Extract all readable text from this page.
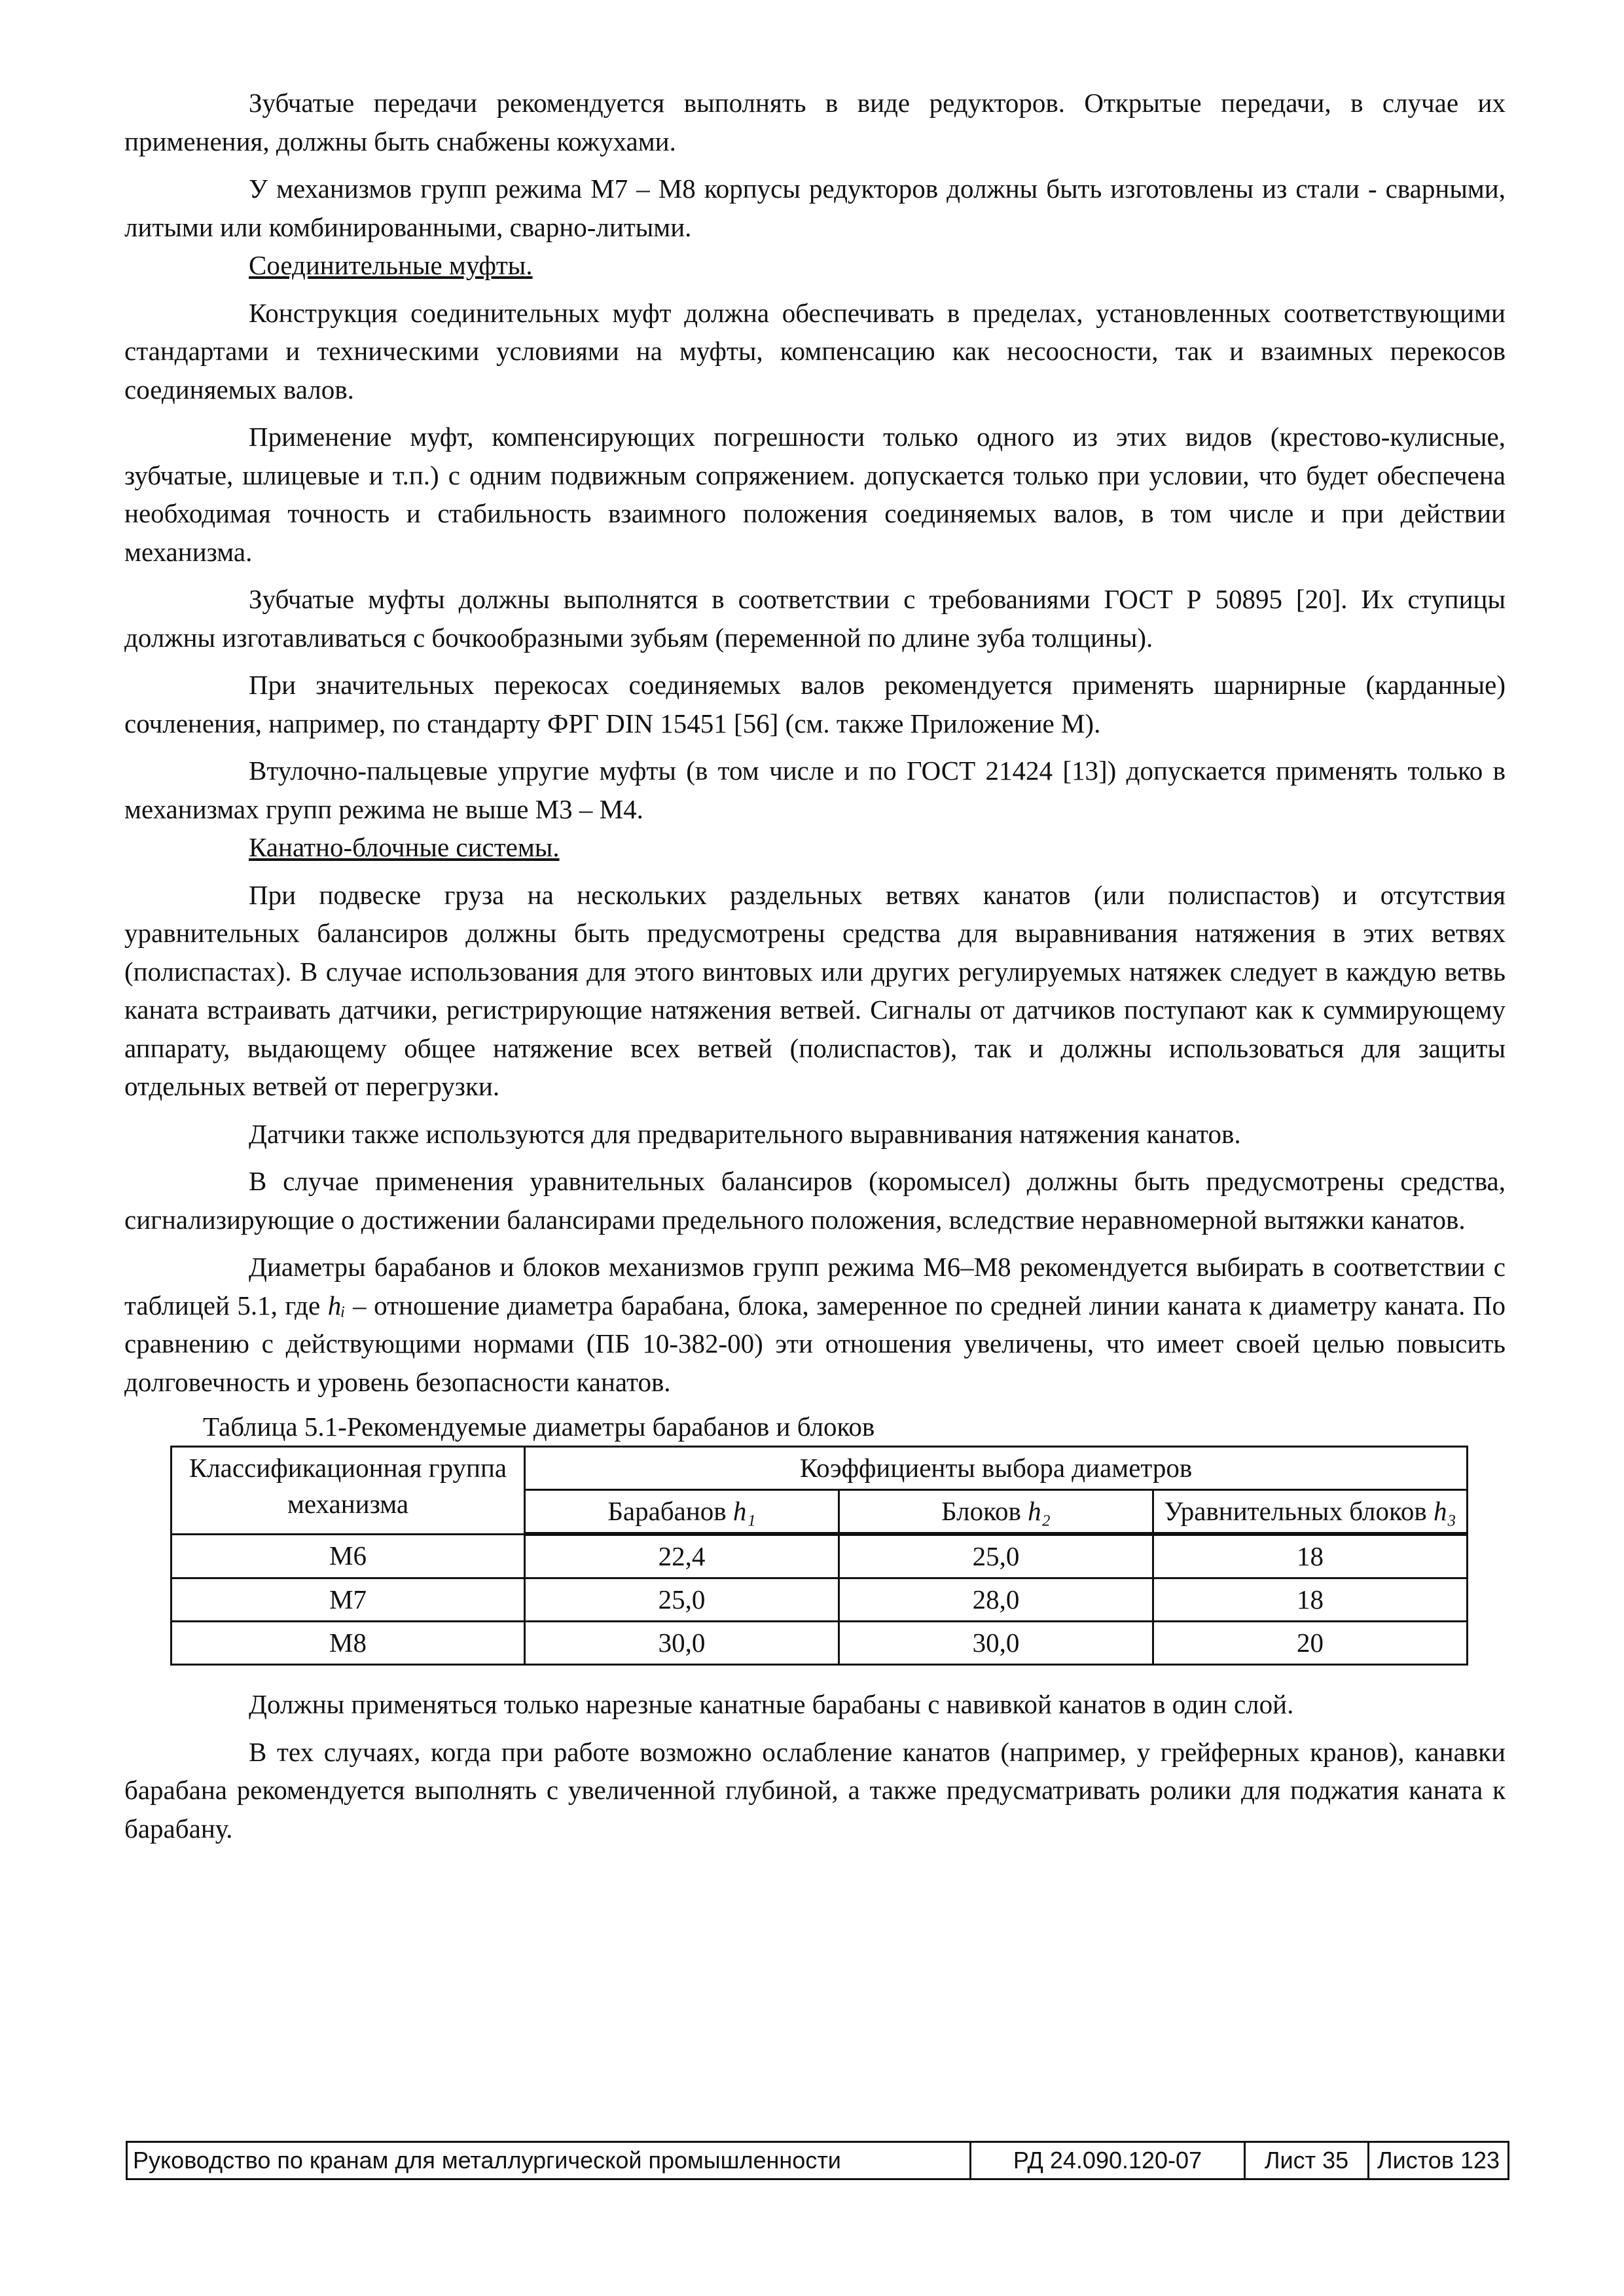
Зубчатые передачи рекомендуется выполнять в виде редукторов. Открытые передачи, в случае их применения, должны быть снабжены кожухами.

У механизмов групп режима М7 – М8 корпусы редукторов должны быть изготовлены из стали - сварными, литыми или комбинированными, сварно-литыми.

Соединительные муфты.

Конструкция соединительных муфт должна обеспечивать в пределах, установленных соответствующими стандартами и техническими условиями на муфты, компенсацию как несоосности, так и взаимных перекосов соединяемых валов.

Применение муфт, компенсирующих погрешности только одного из этих видов (крестово-кулисные, зубчатые, шлицевые и т.п.) с одним подвижным сопряжением. допускается только при условии, что будет обеспечена необходимая точность и стабильность взаимного положения соединяемых валов, в том числе и при действии механизма.

Зубчатые муфты должны выполнятся в соответствии с требованиями ГОСТ Р 50895 [20]. Их ступицы должны изготавливаться с бочкообразными зубьям (переменной по длине зуба толщины).

При значительных перекосах соединяемых валов рекомендуется применять шарнирные (карданные) сочленения, например, по стандарту ФРГ DIN 15451 [56] (см. также Приложение М).

Втулочно-пальцевые упругие муфты (в том числе и по ГОСТ 21424 [13]) допускается применять только в механизмах групп режима не выше М3 – М4.

Канатно-блочные системы.

При подвеске груза на нескольких раздельных ветвях канатов (или полиспастов) и отсутствия уравнительных балансиров должны быть предусмотрены средства для выравнивания натяжения в этих ветвях (полиспастах). В случае использования для этого винтовых или других регулируемых натяжек следует в каждую ветвь каната встраивать датчики, регистрирующие натяжения ветвей. Сигналы от датчиков поступают как к суммирующему аппарату, выдающему общее натяжение всех ветвей (полиспастов), так и должны использоваться для защиты отдельных ветвей от перегрузки.

Датчики также используются для предварительного выравнивания натяжения канатов.

В случае применения уравнительных балансиров (коромысел) должны быть предусмотрены средства, сигнализирующие о достижении балансирами предельного положения, вследствие неравномерной вытяжки канатов.

Диаметры барабанов и блоков механизмов групп режима М6–М8 рекомендуется выбирать в соответствии с таблицей 5.1, где hᵢ – отношение диаметра барабана, блока, замеренное по средней линии каната к диаметру каната. По сравнению с действующими нормами (ПБ 10-382-00) эти отношения увеличены, что имеет своей целью повысить долговечность и уровень безопасности канатов.

Таблица 5.1-Рекомендуемые диаметры барабанов и блоков
Классификационная группа механизма	Коэффициенты выбора диаметров		
	Барабанов h₁	Блоков h₂	Уравнительных блоков h₃
М6	22,4	25,0	18
М7	25,0	28,0	18
М8	30,0	30,0	20

Должны применяться только нарезные канатные барабаны с навивкой канатов в один слой.

В тех случаях, когда при работе возможно ослабление канатов (например, у грейферных кранов), канавки барабана рекомендуется выполнять с увеличенной глубиной, а также предусматривать ролики для поджатия каната к барабану.

Руководство по кранам для металлургической промышленности	РД 24.090.120-07	Лист 35	Листов 123
